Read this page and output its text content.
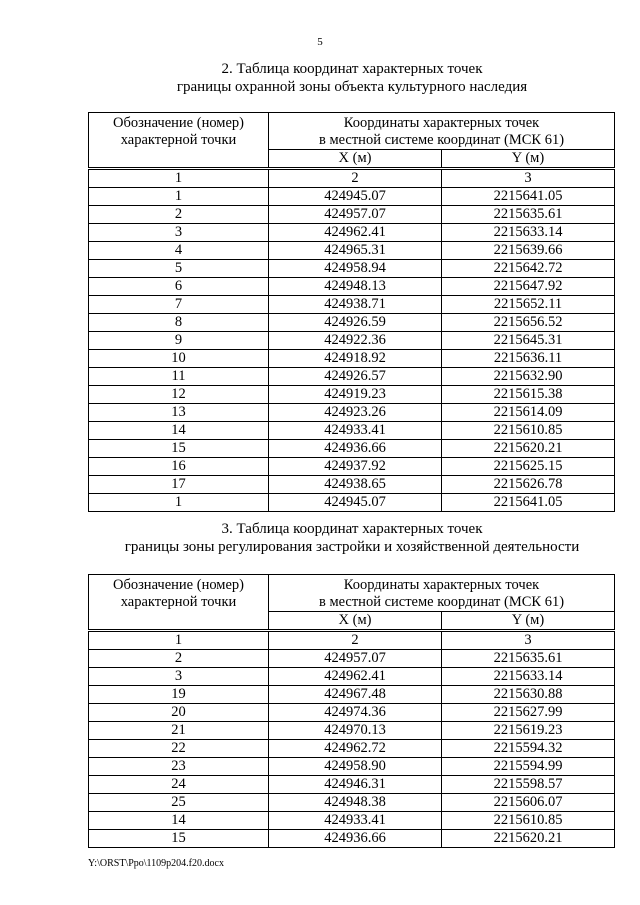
5
2. Таблица координат характерных точек
границы охранной зоны объекта культурного наследия
Обозначение (номер)
характерной точки	Координаты характерных точек
в местной системе координат (МСК 61)	
	X (м)	Y (м)
1	2	3
1	424945.07	2215641.05
2	424957.07	2215635.61
3	424962.41	2215633.14
4	424965.31	2215639.66
5	424958.94	2215642.72
6	424948.13	2215647.92
7	424938.71	2215652.11
8	424926.59	2215656.52
9	424922.36	2215645.31
10	424918.92	2215636.11
11	424926.57	2215632.90
12	424919.23	2215615.38
13	424923.26	2215614.09
14	424933.41	2215610.85
15	424936.66	2215620.21
16	424937.92	2215625.15
17	424938.65	2215626.78
1	424945.07	2215641.05
3. Таблица координат характерных точек
границы зоны регулирования застройки и хозяйственной деятельности
Обозначение (номер)
характерной точки	Координаты характерных точек
в местной системе координат (МСК 61)	
	X (м)	Y (м)
1	2	3
2	424957.07	2215635.61
3	424962.41	2215633.14
19	424967.48	2215630.88
20	424974.36	2215627.99
21	424970.13	2215619.23
22	424962.72	2215594.32
23	424958.90	2215594.99
24	424946.31	2215598.57
25	424948.38	2215606.07
14	424933.41	2215610.85
15	424936.66	2215620.21
Y:\ORST\Ppo\1109p204.f20.docx
